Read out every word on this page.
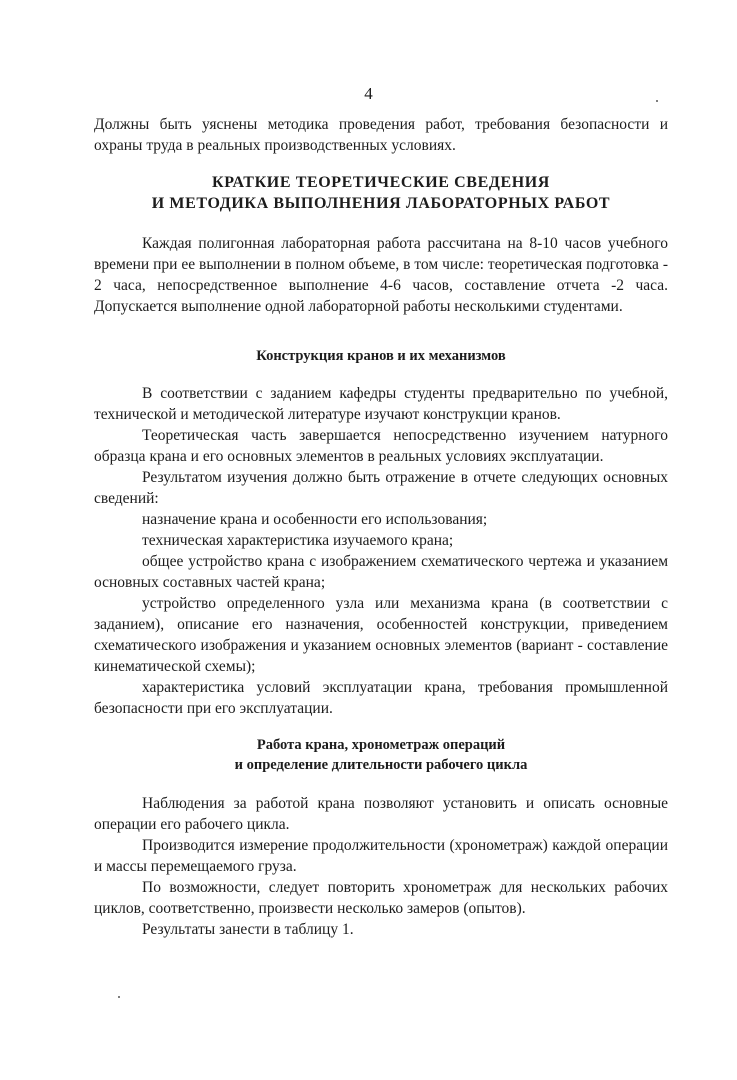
4
Должны быть уяснены методика проведения работ, требования безопасности и охраны труда в реальных производственных условиях.
КРАТКИЕ ТЕОРЕТИЧЕСКИЕ СВЕДЕНИЯ
И МЕТОДИКА ВЫПОЛНЕНИЯ ЛАБОРАТОРНЫХ РАБОТ
Каждая полигонная лабораторная работа рассчитана на 8-10 часов учебного времени при ее выполнении в полном объеме, в том числе: теоретическая подготовка - 2 часа, непосредственное выполнение 4-6 часов, составление отчета -2 часа. Допускается выполнение одной лабораторной работы несколькими студентами.
Конструкция кранов и их механизмов

В соответствии с заданием кафедры студенты предварительно по учебной, технической и методической литературе изучают конструкции кранов.

Теоретическая часть завершается непосредственно изучением натурного образца крана и его основных элементов в реальных условиях эксплуатации.

Результатом изучения должно быть отражение в отчете следующих основных сведений:

назначение крана и особенности его использования;

техническая характеристика изучаемого крана;

общее устройство крана с изображением схематического чертежа и указанием основных составных частей крана;

устройство определенного узла или механизма крана (в соответствии с заданием), описание его назначения, особенностей конструкции, приведением схематического изображения и указанием основных элементов (вариант - составление кинематической схемы);

характеристика условий эксплуатации крана, требования промышленной безопасности при его эксплуатации.

Работа крана, хронометраж операций
и определение длительности рабочего цикла

Наблюдения за работой крана позволяют установить и описать основные операции его рабочего цикла.

Производится измерение продолжительности (хронометраж) каждой операции и массы перемещаемого груза.

По возможности, следует повторить хронометраж для нескольких рабочих циклов, соответственно, произвести несколько замеров (опытов).

Результаты занести в таблицу 1.
